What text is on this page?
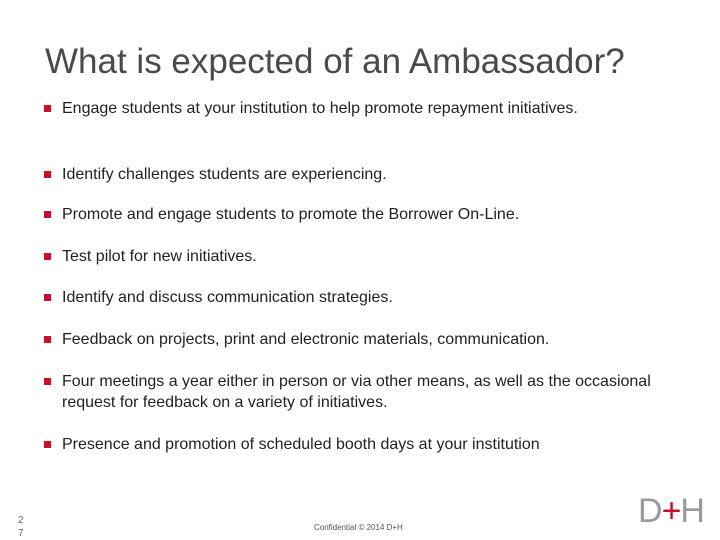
What is expected of an Ambassador?
Engage students at your institution to help promote repayment initiatives.
Identify challenges students are experiencing.
Promote and engage students to promote the Borrower On-Line.
Test pilot for new initiatives.
Identify and discuss communication strategies.
Feedback on projects, print and electronic materials, communication.
Four meetings a year either in person or via other means, as well as the occasional request for feedback on a variety of initiatives.
Presence and promotion of scheduled booth days at your institution
27
Confidential © 2014 D+H	D+H
